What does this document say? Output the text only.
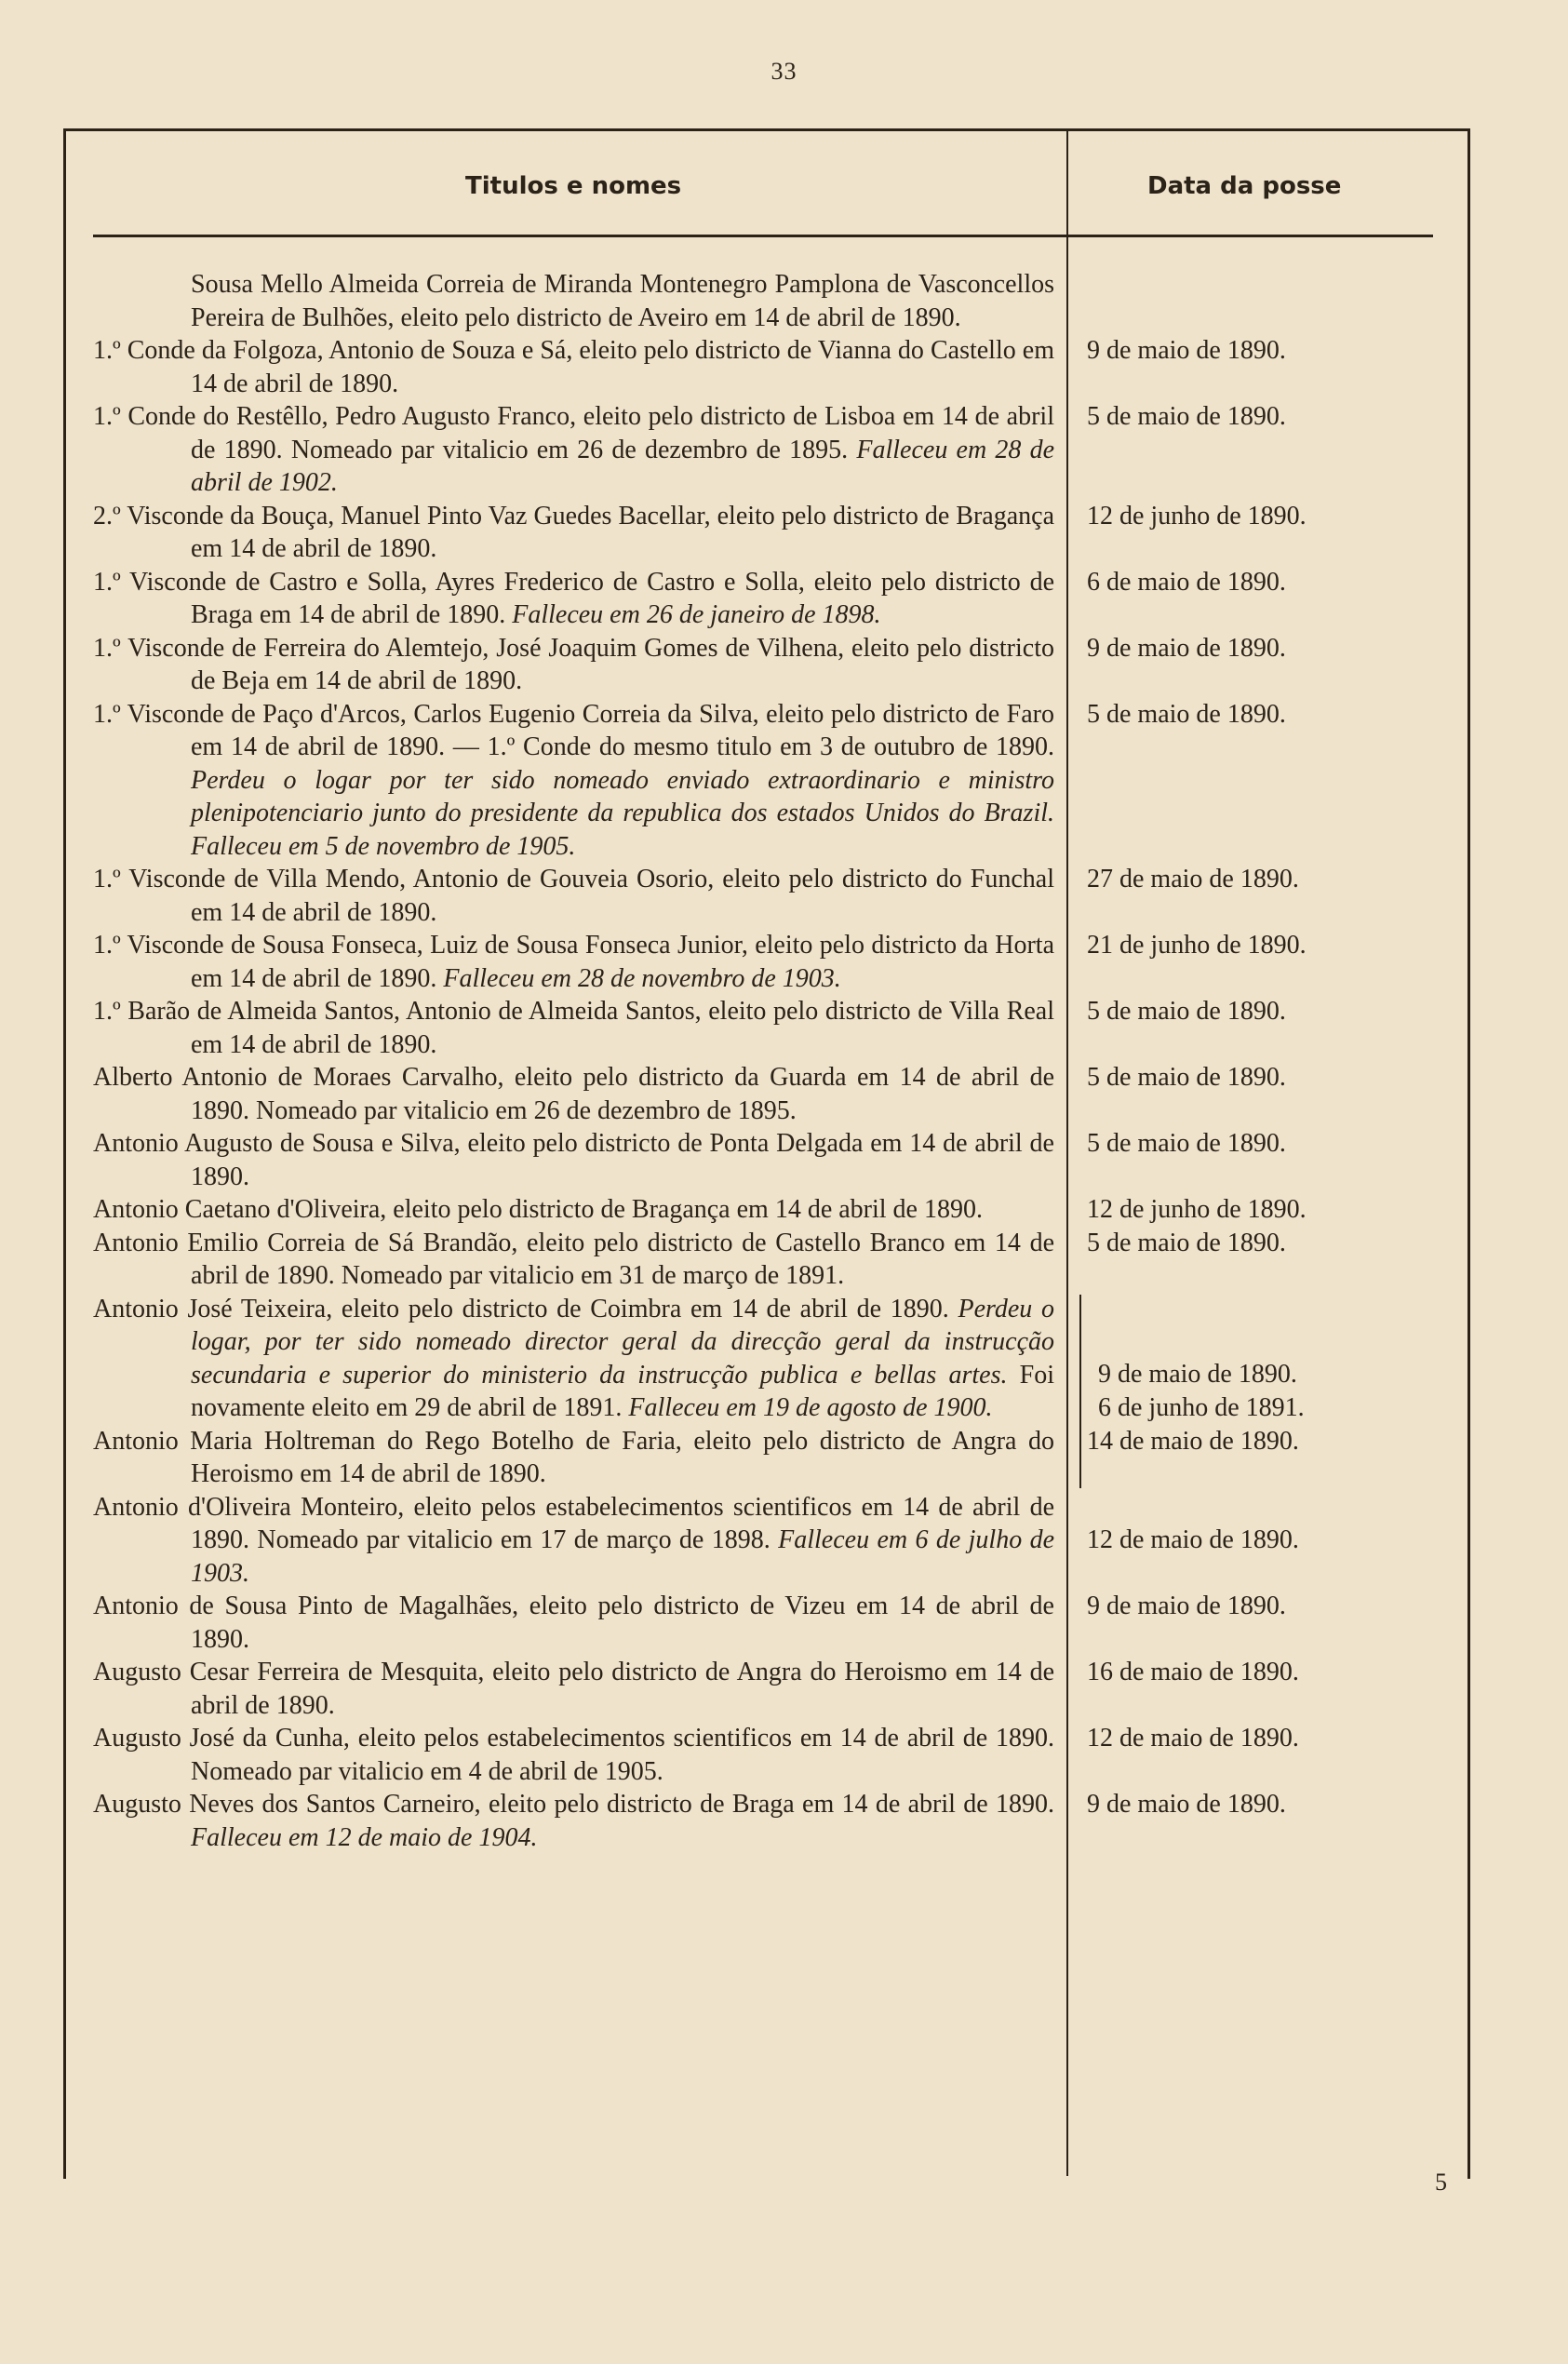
33
Titulos e nomes	Data da posse
Sousa Mello Almeida Correia de Miranda Montenegro Pamplona de Vasconcellos Pereira de Bulhões, eleito pelo districto de Aveiro em 14 de abril de 1890.
1.º Conde da Folgoza, Antonio de Souza e Sá, eleito pelo districto de Vianna do Castello em 14 de abril de 1890.
9 de maio de 1890.
1.º Conde do Restêllo, Pedro Augusto Franco, eleito pelo districto de Lisboa em 14 de abril de 1890. Nomeado par vitalicio em 26 de dezembro de 1895. Falleceu em 28 de abril de 1902.
5 de maio de 1890.
2.º Visconde da Bouça, Manuel Pinto Vaz Guedes Bacellar, eleito pelo districto de Bragança em 14 de abril de 1890.
12 de junho de 1890.
1.º Visconde de Castro e Solla, Ayres Frederico de Castro e Solla, eleito pelo districto de Braga em 14 de abril de 1890. Falleceu em 26 de janeiro de 1898.
6 de maio de 1890.
1.º Visconde de Ferreira do Alemtejo, José Joaquim Gomes de Vilhena, eleito pelo districto de Beja em 14 de abril de 1890.
9 de maio de 1890.
1.º Visconde de Paço d'Arcos, Carlos Eugenio Correia da Silva, eleito pelo districto de Faro em 14 de abril de 1890. — 1.º Conde do mesmo titulo em 3 de outubro de 1890. Perdeu o logar por ter sido nomeado enviado extraordinario e ministro plenipotenciario junto do presidente da republica dos estados Unidos do Brazil. Falleceu em 5 de novembro de 1905.
5 de maio de 1890.
1.º Visconde de Villa Mendo, Antonio de Gouveia Osorio, eleito pelo districto do Funchal em 14 de abril de 1890.
27 de maio de 1890.
1.º Visconde de Sousa Fonseca, Luiz de Sousa Fonseca Junior, eleito pelo districto da Horta em 14 de abril de 1890. Falleceu em 28 de novembro de 1903.
21 de junho de 1890.
1.º Barão de Almeida Santos, Antonio de Almeida Santos, eleito pelo districto de Villa Real em 14 de abril de 1890.
5 de maio de 1890.
Alberto Antonio de Moraes Carvalho, eleito pelo districto da Guarda em 14 de abril de 1890. Nomeado par vitalicio em 26 de dezembro de 1895.
5 de maio de 1890.
Antonio Augusto de Sousa e Silva, eleito pelo districto de Ponta Delgada em 14 de abril de 1890.
5 de maio de 1890.
Antonio Caetano d'Oliveira, eleito pelo districto de Bragança em 14 de abril de 1890.	12 de junho de 1890.
Antonio Emilio Correia de Sá Brandão, eleito pelo districto de Castello Branco em 14 de abril de 1890. Nomeado par vitalicio em 31 de março de 1891.
5 de maio de 1890.
Antonio José Teixeira, eleito pelo districto de Coimbra em 14 de abril de 1890. Perdeu o logar, por ter sido nomeado director geral da direcção geral da instrucção secundaria e superior do ministerio da instrucção publica e bellas artes. Foi novamente eleito em 29 de abril de 1891. Falleceu em 19 de agosto de 1900.
9 de maio de 1890.
6 de junho de 1891.
Antonio Maria Holtreman do Rego Botelho de Faria, eleito pelo districto de Angra do Heroismo em 14 de abril de 1890.
14 de maio de 1890.
Antonio d'Oliveira Monteiro, eleito pelos estabelecimentos scientificos em 14 de abril de 1890. Nomeado par vitalicio em 17 de março de 1898. Falleceu em 6 de julho de 1903.
12 de maio de 1890.
Antonio de Sousa Pinto de Magalhães, eleito pelo districto de Vizeu em 14 de abril de 1890.
9 de maio de 1890.
Augusto Cesar Ferreira de Mesquita, eleito pelo districto de Angra do Heroismo em 14 de abril de 1890.
16 de maio de 1890.
Augusto José da Cunha, eleito pelos estabelecimentos scientificos em 14 de abril de 1890. Nomeado par vitalicio em 4 de abril de 1905.
12 de maio de 1890.
Augusto Neves dos Santos Carneiro, eleito pelo districto de Braga em 14 de abril de 1890. Falleceu em 12 de maio de 1904.
9 de maio de 1890.
5
